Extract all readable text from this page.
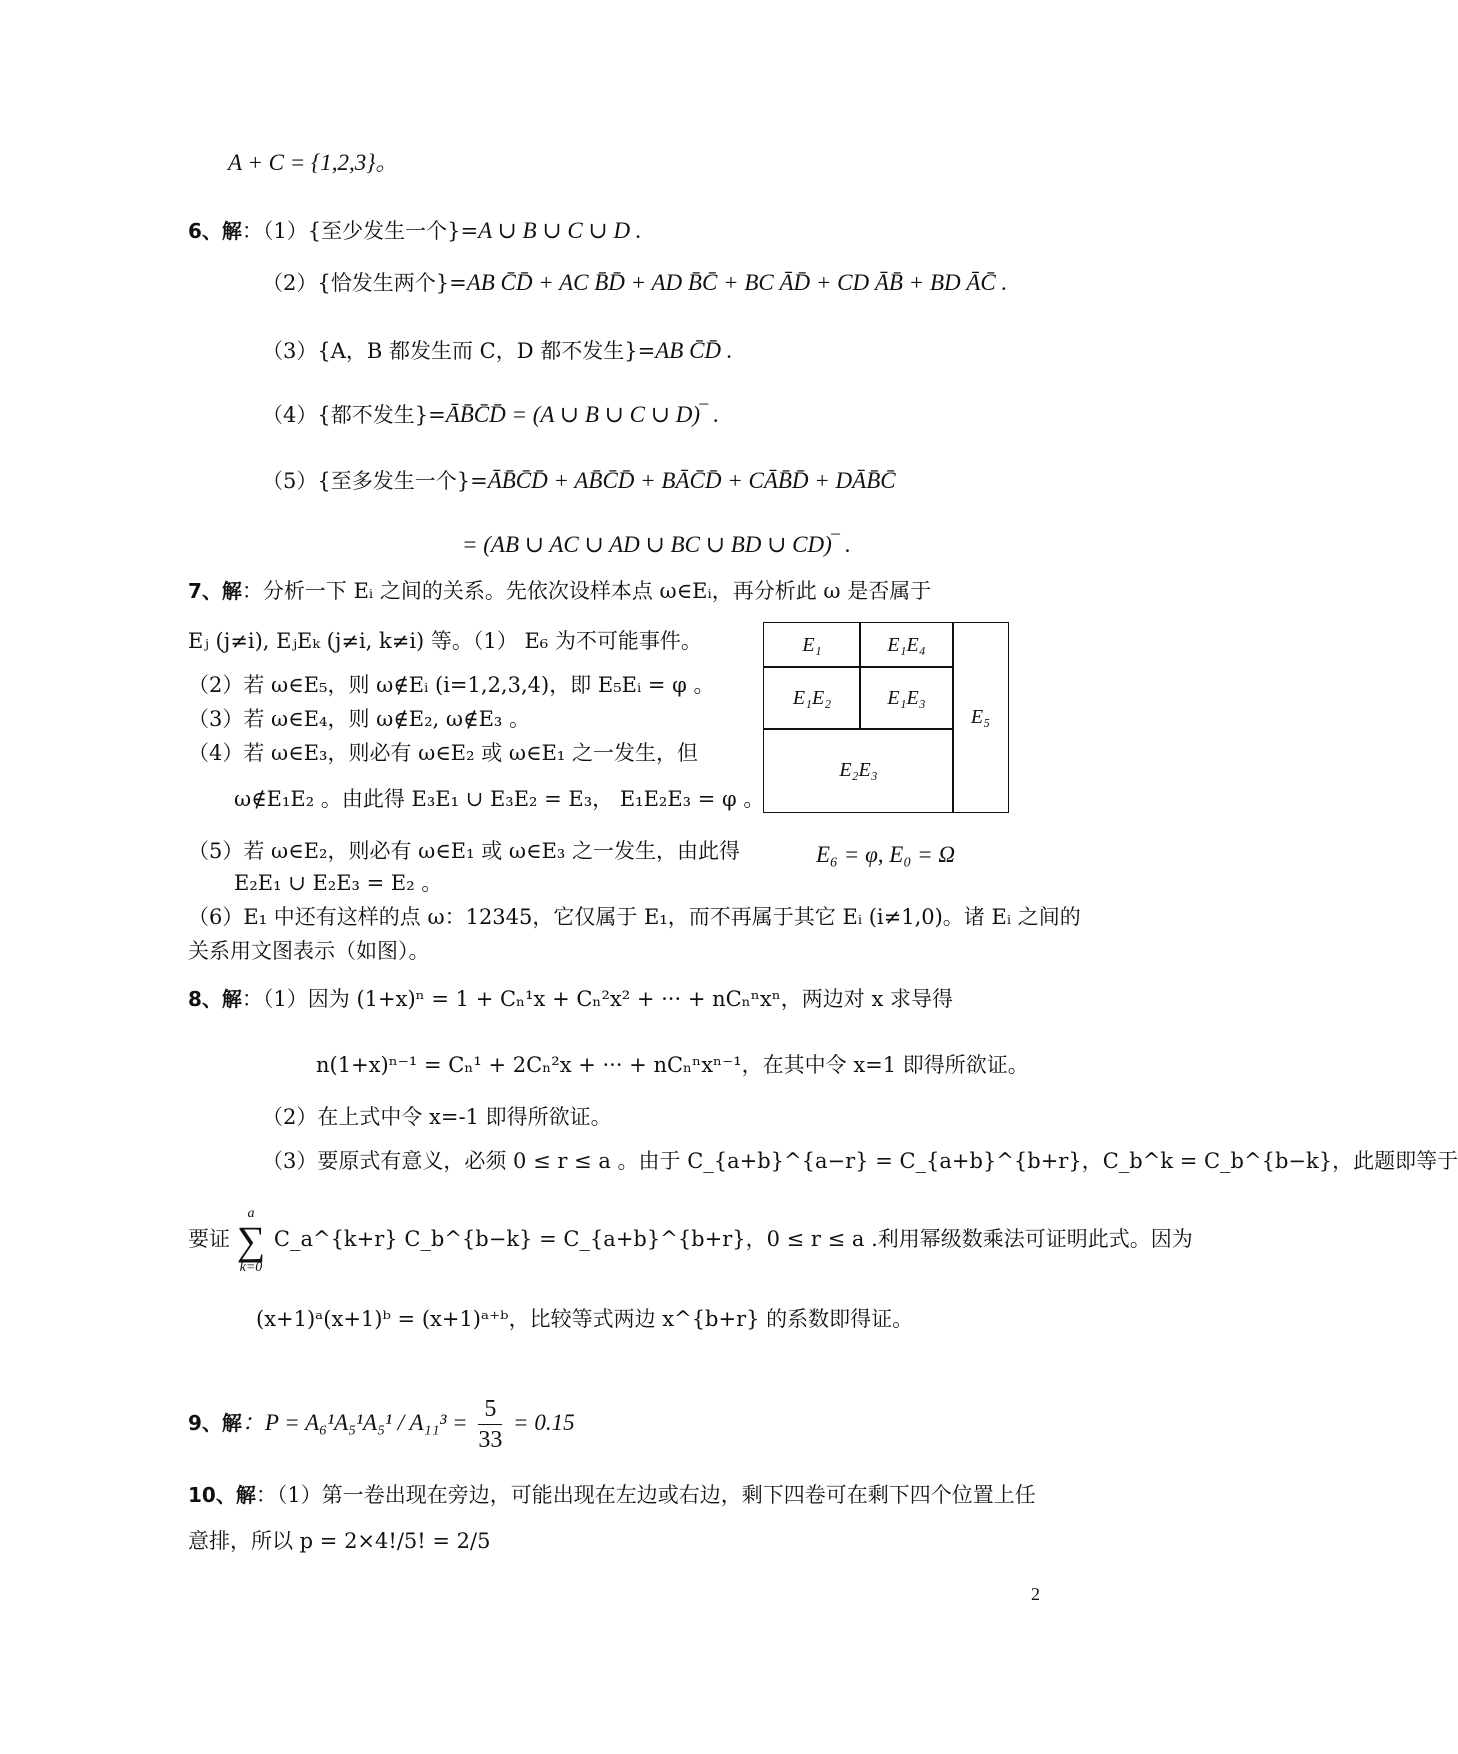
A + C = {1,2,3}。
6、解：（1）{至少发生一个}=A ∪ B ∪ C ∪ D .
（2）{恰发生两个}=AB C̄D̄ + AC B̄D̄ + AD B̄C̄ + BC ĀD̄ + CD ĀB̄ + BD ĀC̄ .
（3）{A，B 都发生而 C，D 都不发生}=AB C̄D̄ .
（4）{都不发生}=ĀB̄C̄D̄ = (A ∪ B ∪ C ∪ D)‾ .
（5）{至多发生一个}=ĀB̄C̄D̄ + AB̄C̄D̄ + BĀC̄D̄ + CĀB̄D̄ + DĀB̄C̄
= (AB ∪ AC ∪ AD ∪ BC ∪ BD ∪ CD)‾ .
7、解：分析一下 Eᵢ 之间的关系。先依次设样本点 ω∈Eᵢ，再分析此 ω 是否属于
Eⱼ (j≠i), EⱼEₖ (j≠i, k≠i) 等。（1） E₆ 为不可能事件。
（2）若 ω∈E₅，则 ω∉Eᵢ (i=1,2,3,4)，即 E₅Eᵢ = φ 。
（3）若 ω∈E₄，则 ω∉E₂, ω∉E₃ 。
（4）若 ω∈E₃，则必有 ω∈E₂ 或 ω∈E₁ 之一发生，但
ω∉E₁E₂ 。由此得 E₃E₁ ∪ E₃E₂ = E₃， E₁E₂E₃ = φ 。
（5）若 ω∈E₂，则必有 ω∈E₁ 或 ω∈E₃ 之一发生，由此得
E₂E₁ ∪ E₂E₃ = E₂ 。
（6）E₁ 中还有这样的点 ω：12345，它仅属于 E₁，而不再属于其它 Eᵢ (i≠1,0)。诸 Eᵢ 之间的
关系用文图表示（如图）。
E₁	E₁E₄
E₁E₂	E₁E₃
E₅
E₂E₃
E₆ = φ, E₀ = Ω
8、解：（1）因为 (1+x)ⁿ = 1 + Cₙ¹x + Cₙ²x² + ··· + nCₙⁿxⁿ，两边对 x 求导得
n(1+x)ⁿ⁻¹ = Cₙ¹ + 2Cₙ²x + ··· + nCₙⁿxⁿ⁻¹，在其中令 x=1 即得所欲证。
（2）在上式中令 x=-1 即得所欲证。
（3）要原式有意义，必须 0 ≤ r ≤ a 。由于 C_{a+b}^{a−r} = C_{a+b}^{b+r}，C_b^k = C_b^{b−k}，此题即等于
要证
a
∑
k=0
C_a^{k+r} C_b^{b−k} = C_{a+b}^{b+r}，0 ≤ r ≤ a .利用幂级数乘法可证明此式。因为
(x+1)ᵃ(x+1)ᵇ = (x+1)ᵃ⁺ᵇ，比较等式两边 x^{b+r} 的系数即得证。
9、解：$P = A_6^1A_5^1A_5^1 / A_{11}^3 = \frac{5}{33} = 0.15$
10、解：（1）第一卷出现在旁边，可能出现在左边或右边，剩下四卷可在剩下四个位置上任
意排，所以 p = 2×4!/5! = 2/5
2
